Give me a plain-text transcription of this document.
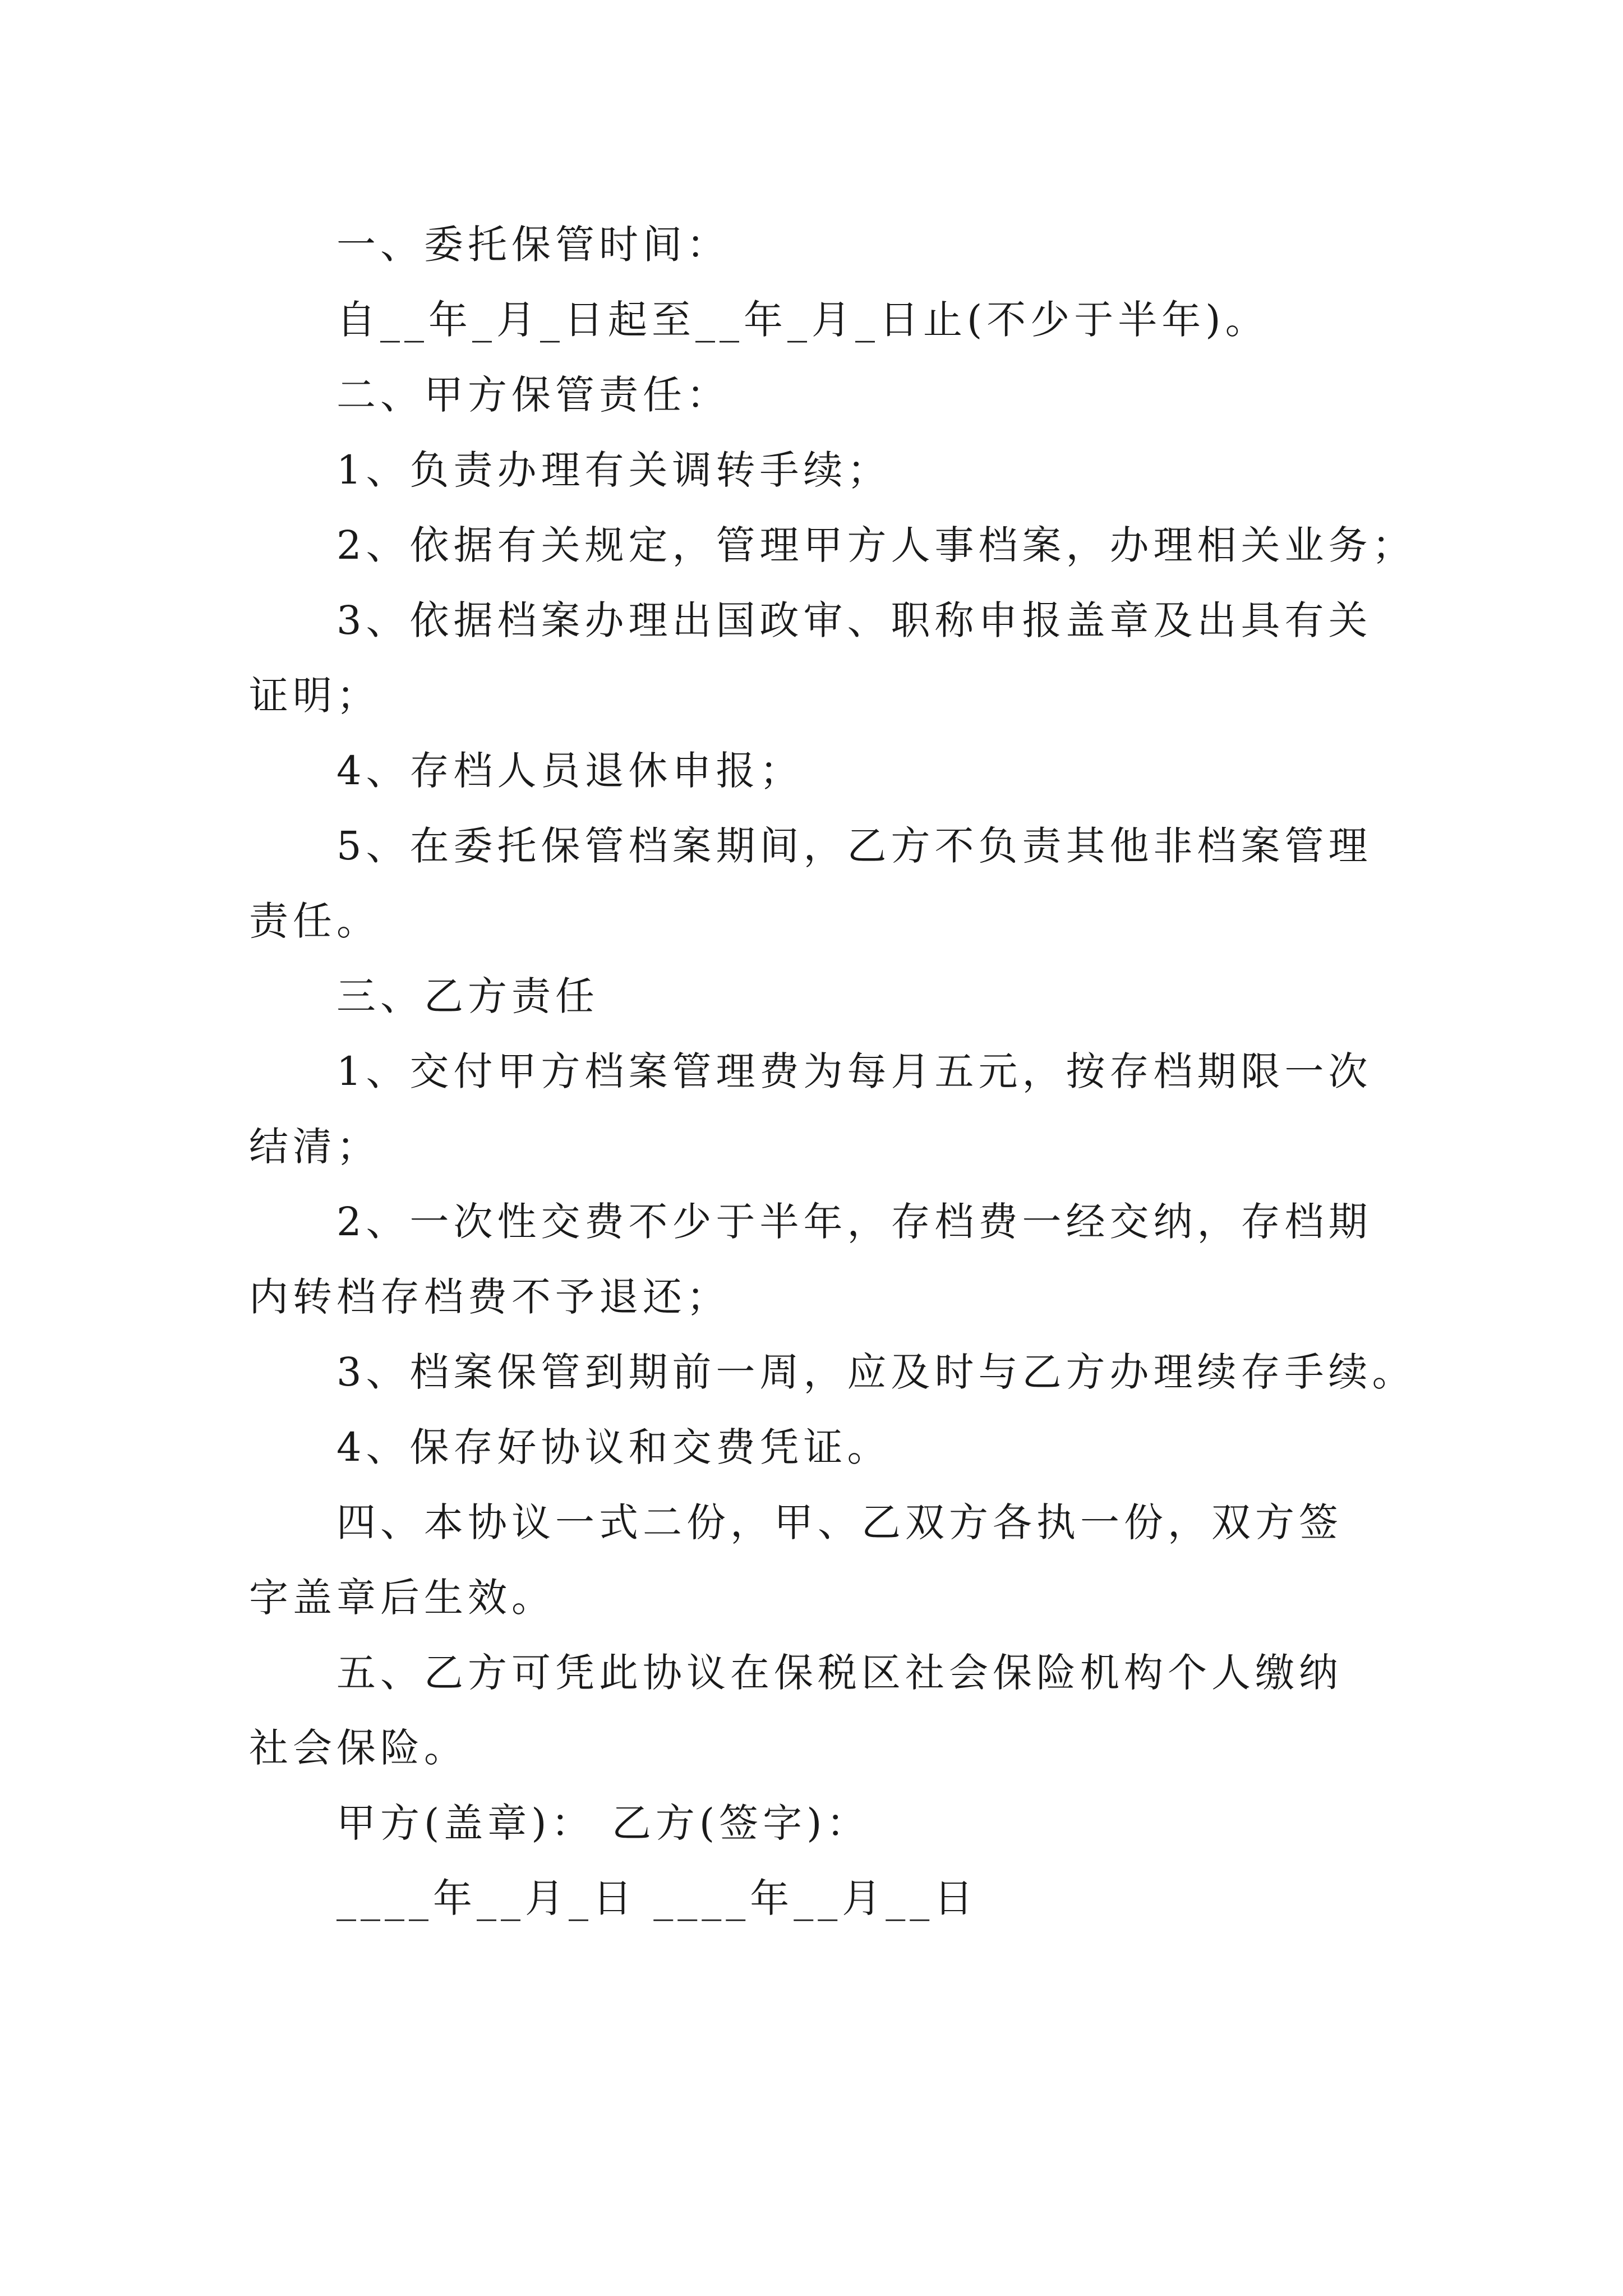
一、委托保管时间：

自__年_月_日起至__年_月_日止(不少于半年)。

二、甲方保管责任：

1、负责办理有关调转手续；

2、依据有关规定，管理甲方人事档案，办理相关业务；

3、依据档案办理出国政审、职称申报盖章及出具有关证明；

4、存档人员退休申报；

5、在委托保管档案期间，乙方不负责其他非档案管理责任。

三、乙方责任

1、交付甲方档案管理费为每月五元，按存档期限一次结清；

2、一次性交费不少于半年，存档费一经交纳，存档期内转档存档费不予退还；

3、档案保管到期前一周，应及时与乙方办理续存手续。

4、保存好协议和交费凭证。

四、本协议一式二份，甲、乙双方各执一份，双方签字盖章后生效。

五、乙方可凭此协议在保税区社会保险机构个人缴纳社会保险。

甲方(盖章)： 乙方(签字)：

____年__月_日 ____年__月__日
